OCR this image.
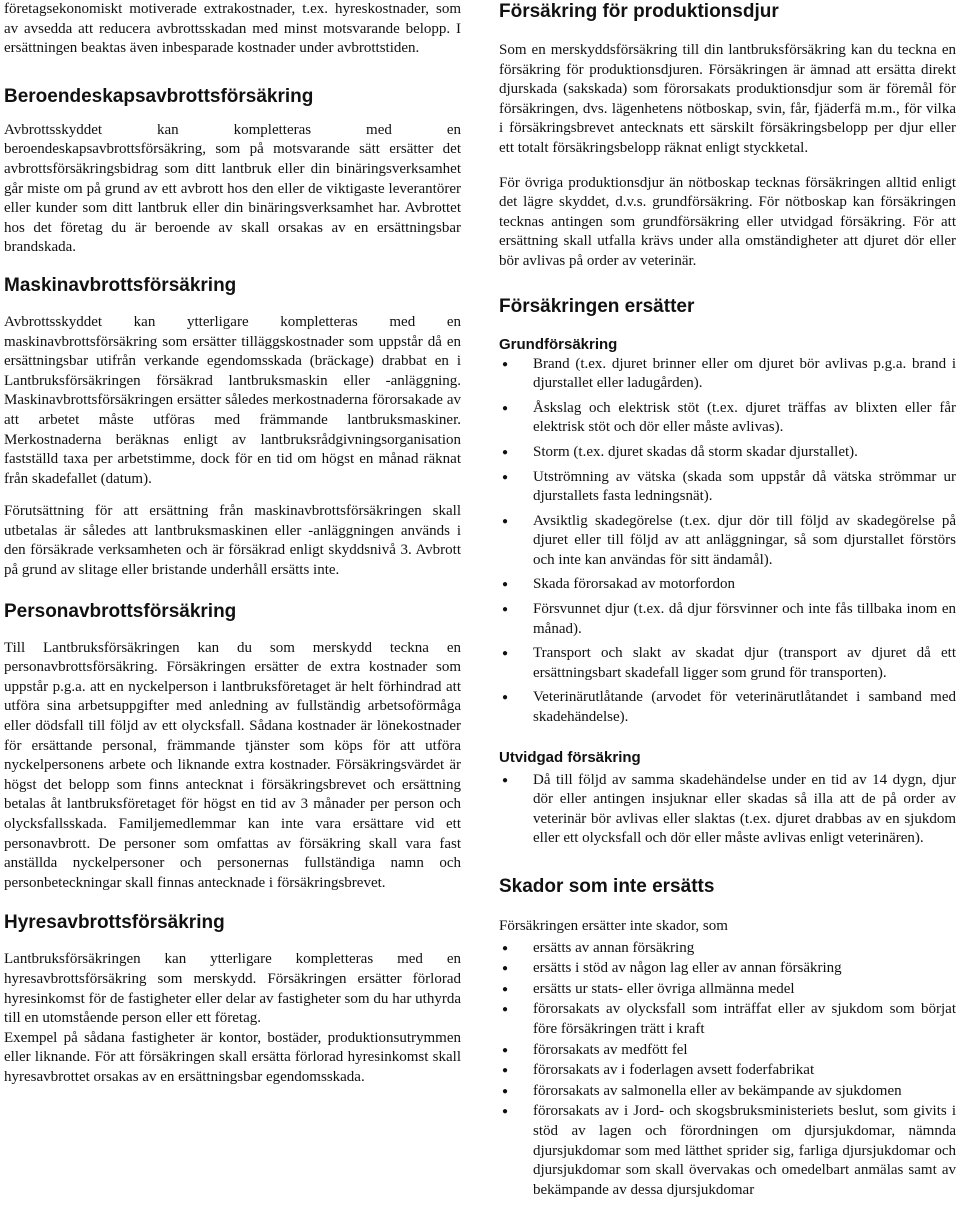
företagsekonomiskt motiverade extrakostnader, t.ex. hyreskostnader, som av avsedda att reducera avbrottsskadan med minst motsvarande belopp. I ersättningen beaktas även inbesparade kostnader under avbrottstiden.

Beroendeskapsavbrottsförsäkring

Avbrottsskyddet kan kompletteras med en beroendeskapsavbrottsförsäkring, som på motsvarande sätt ersätter det avbrottsförsäkringsbidrag som ditt lantbruk eller din binäringsverksamhet går miste om på grund av ett avbrott hos den eller de viktigaste leverantörer eller kunder som ditt lantbruk eller din binäringsverksamhet har. Avbrottet hos det företag du är beroende av skall orsakas av en ersättningsbar brandskada.

Maskinavbrottsförsäkring

Avbrottsskyddet kan ytterligare kompletteras med en maskinavbrottsförsäkring som ersätter tilläggskostnader som uppstår då en ersättningsbar utifrån verkande egendomsskada (bräckage) drabbat en i Lantbruksförsäkringen försäkrad lantbruksmaskin eller -anläggning. Maskinavbrottsförsäkringen ersätter således merkostnaderna förorsakade av att arbetet måste utföras med främmande lantbruksmaskiner. Merkostnaderna beräknas enligt av lantbruksrådgivningsorganisation fastställd taxa per arbetstimme, dock för en tid om högst en månad räknat från skadefallet (datum).

Förutsättning för att ersättning från maskinavbrottsförsäkringen skall utbetalas är således att lantbruksmaskinen eller -anläggningen används i den försäkrade verksamheten och är försäkrad enligt skyddsnivå 3. Avbrott på grund av slitage eller bristande underhåll ersätts inte.

Personavbrottsförsäkring

Till Lantbruksförsäkringen kan du som merskydd teckna en personavbrottsförsäkring. Försäkringen ersätter de extra kostnader som uppstår p.g.a. att en nyckelperson i lantbruksföretaget är helt förhindrad att utföra sina arbetsuppgifter med anledning av fullständig arbetsoförmåga eller dödsfall till följd av ett olycksfall. Sådana kostnader är lönekostnader för ersättande personal, främmande tjänster som köps för att utföra nyckelpersonens arbete och liknande extra kostnader. Försäkringsvärdet är högst det belopp som finns antecknat i försäkringsbrevet och ersättning betalas åt lantbruksföretaget för högst en tid av 3 månader per person och olycksfallsskada. Familjemedlemmar kan inte vara ersättare vid ett personavbrott. De personer som omfattas av försäkring skall vara fast anställda nyckelpersoner och personernas fullständiga namn och personbeteckningar skall finnas antecknade i försäkringsbrevet.

Hyresavbrottsförsäkring

Lantbruksförsäkringen kan ytterligare kompletteras med en hyresavbrottsförsäkring som merskydd. Försäkringen ersätter förlorad hyresinkomst för de fastigheter eller delar av fastigheter som du har uthyrda till en utomstående person eller ett företag.

Exempel på sådana fastigheter är kontor, bostäder, produktionsutrymmen eller liknande. För att försäkringen skall ersätta förlorad hyresinkomst skall hyresavbrottet orsakas av en ersättningsbar egendomsskada.

Försäkring för produktionsdjur

Som en merskyddsförsäkring till din lantbruksförsäkring kan du teckna en försäkring för produktionsdjuren. Försäkringen är ämnad att ersätta direkt djurskada (sakskada) som förorsakats produktionsdjur som är föremål för försäkringen, dvs. lägenhetens nötboskap, svin, får, fjäderfä m.m., för vilka i försäkringsbrevet antecknats ett särskilt försäkringsbelopp per djur eller ett totalt försäkringsbelopp räknat enligt styckketal.

För övriga produktionsdjur än nötboskap tecknas försäkringen alltid enligt det lägre skyddet, d.v.s. grundförsäkring. För nötboskap kan försäkringen tecknas antingen som grundförsäkring eller utvidgad försäkring. För att ersättning skall utfalla krävs under alla omständigheter att djuret dör eller bör avlivas på order av veterinär.

Försäkringen ersätter
Grundförsäkring
● Brand (t.ex. djuret brinner eller om djuret bör avlivas p.g.a. brand i djurstallet eller ladugården).
● Åskslag och elektrisk stöt (t.ex. djuret träffas av blixten eller får elektrisk stöt och dör eller måste avlivas).
● Storm (t.ex. djuret skadas då storm skadar djurstallet).
● Utströmning av vätska (skada som uppstår då vätska strömmar ur djurstallets fasta ledningsnät).
● Avsiktlig skadegörelse (t.ex. djur dör till följd av skadegörelse på djuret eller till följd av att anläggningar, så som djurstallet förstörs och inte kan användas för sitt ändamål).
● Skada förorsakad av motorfordon
● Försvunnet djur (t.ex. då djur försvinner och inte fås tillbaka inom en månad).
● Transport och slakt av skadat djur (transport av djuret då ett ersättningsbart skadefall ligger som grund för transporten).
● Veterinärutlåtande (arvodet för veterinärutlåtandet i samband med skadehändelse).
Utvidgad försäkring
● Då till följd av samma skadehändelse under en tid av 14 dygn, djur dör eller antingen insjuknar eller skadas så illa att de på order av veterinär bör avlivas eller slaktas (t.ex. djuret drabbas av en sjukdom eller ett olycksfall och dör eller måste avlivas enligt veterinären).
Skador som inte ersätts

Försäkringen ersätter inte skador, som

● ersätts av annan försäkring
● ersätts i stöd av någon lag eller av annan försäkring
● ersätts ur stats- eller övriga allmänna medel
● förorsakats av olycksfall som inträffat eller av sjukdom som börjat före försäkringen trätt i kraft
● förorsakats av medfött fel
● förorsakats av i foderlagen avsett foderfabrikat
● förorsakats av salmonella eller av bekämpande av sjukdomen
● förorsakats av i Jord- och skogsbruksministeriets beslut, som givits i stöd av lagen och förordningen om djursjukdomar, nämnda djursjukdomar som med lätthet sprider sig, farliga djursjukdomar och djursjukdomar som skall övervakas och omedelbart anmälas samt av bekämpande av dessa djursjukdomar
